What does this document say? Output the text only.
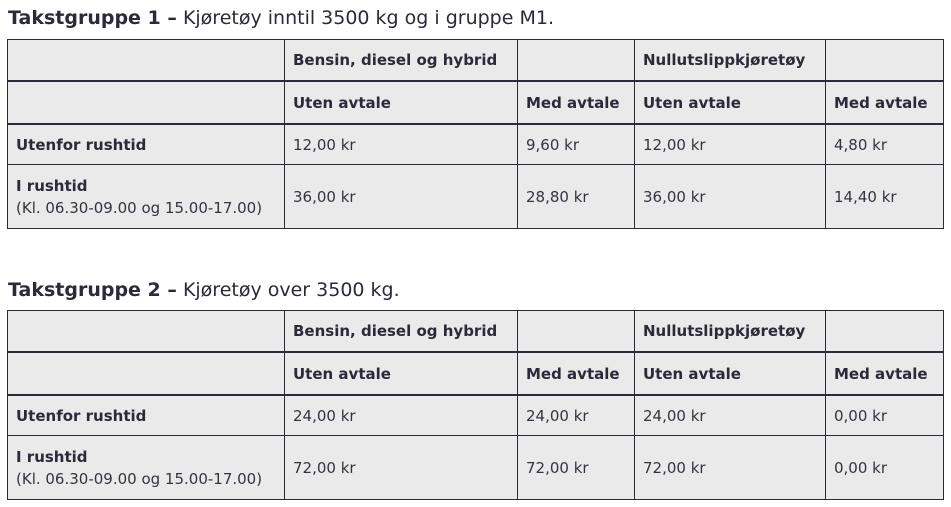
Takstgruppe 1 – Kjøretøy inntil 3500 kg og i gruppe M1.
	Bensin, diesel og hybrid		Nullutslippkjøretøy	
	Uten avtale	Med avtale	Uten avtale	Med avtale

Utenfor rushtid	12,00 kr	9,60 kr	12,00 kr	4,80 kr

I rushtid
(Kl. 06.30-09.00 og 15.00-17.00)	36,00 kr	28,80 kr	36,00 kr	14,40 kr
Takstgruppe 2 – Kjøretøy over 3500 kg.
	Bensin, diesel og hybrid		Nullutslippkjøretøy	
	Uten avtale	Med avtale	Uten avtale	Med avtale

Utenfor rushtid	24,00 kr	24,00 kr	24,00 kr	0,00 kr

I rushtid
(Kl. 06.30-09.00 og 15.00-17.00)	72,00 kr	72,00 kr	72,00 kr	0,00 kr
